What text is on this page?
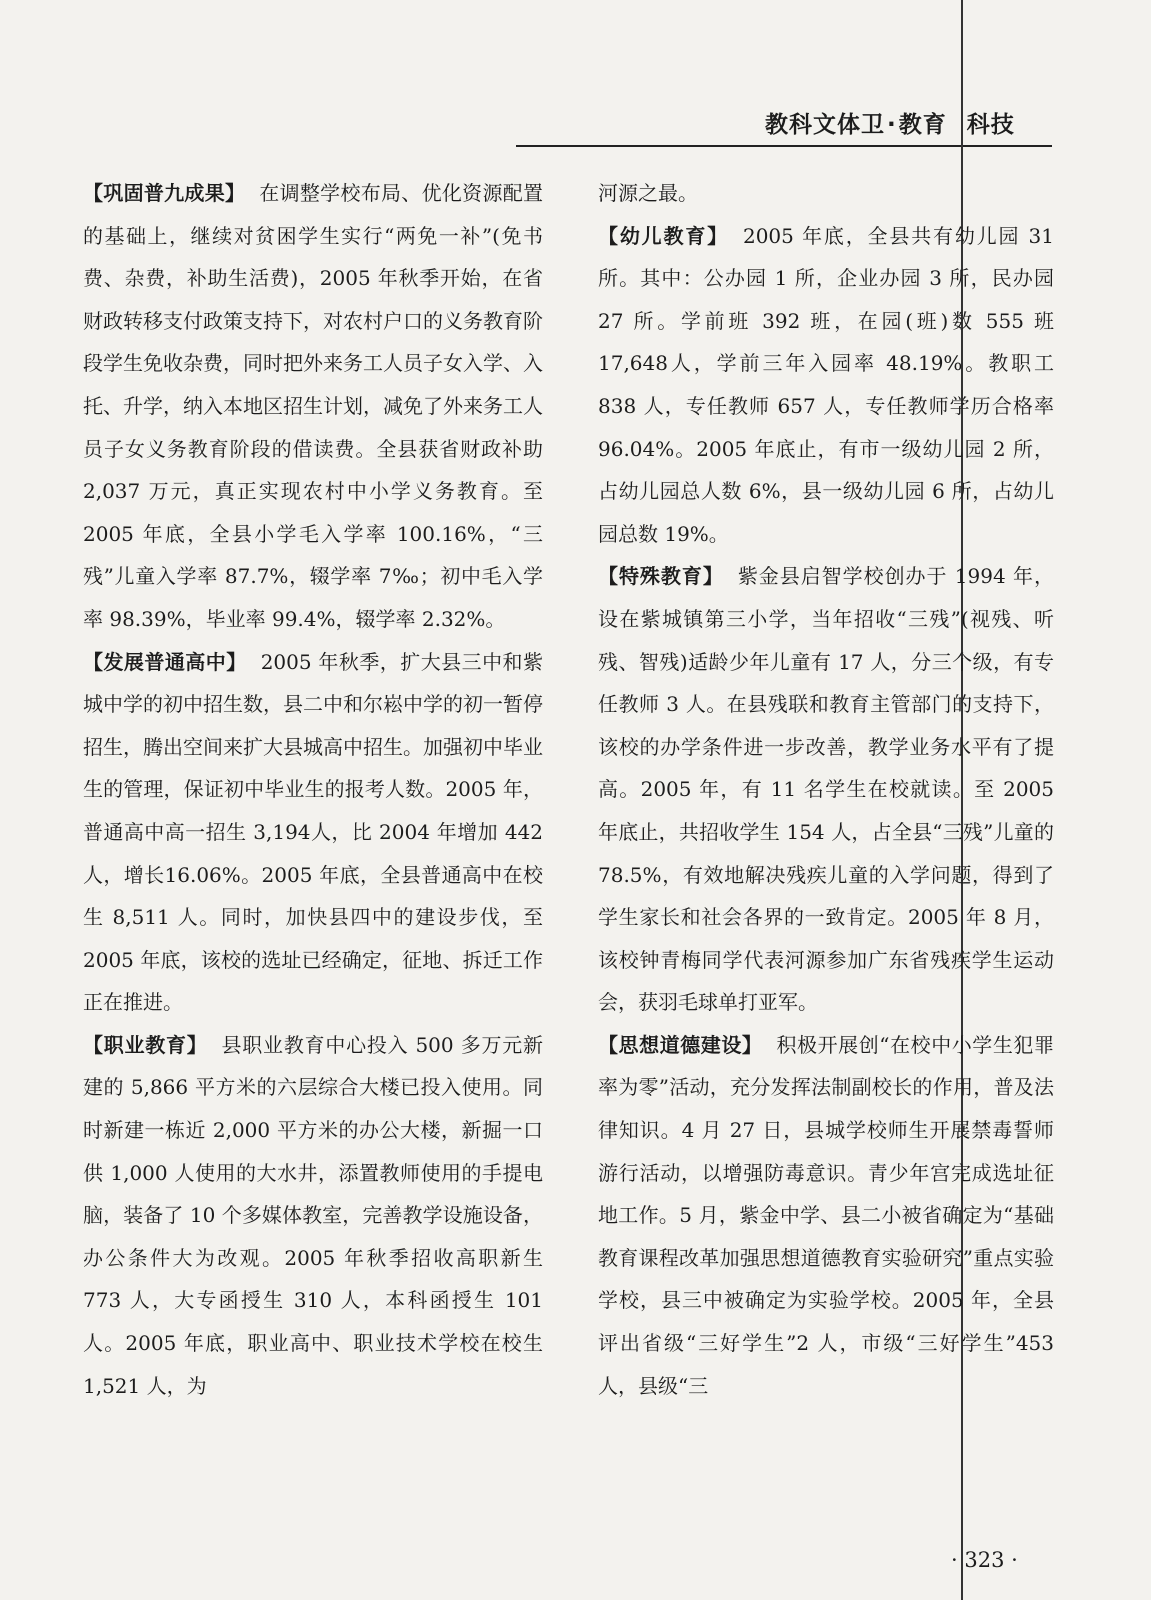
教科文体卫·教育 科技

【巩固普九成果】 在调整学校布局、优化资源配置的基础上，继续对贫困学生实行“两免一补”(免书费、杂费，补助生活费)，2005 年秋季开始，在省财政转移支付政策支持下，对农村户口的义务教育阶段学生免收杂费，同时把外来务工人员子女入学、入托、升学，纳入本地区招生计划，减免了外来务工人员子女义务教育阶段的借读费。全县获省财政补助 2,037 万元，真正实现农村中小学义务教育。至 2005 年底，全县小学毛入学率 100.16%，“三残”儿童入学率 87.7%，辍学率 7‰；初中毛入学率 98.39%，毕业率 99.4%，辍学率 2.32%。

【发展普通高中】 2005 年秋季，扩大县三中和紫城中学的初中招生数，县二中和尔崧中学的初一暂停招生，腾出空间来扩大县城高中招生。加强初中毕业生的管理，保证初中毕业生的报考人数。2005 年，普通高中高一招生 3,194人，比 2004 年增加 442 人，增长16.06%。2005 年底，全县普通高中在校生 8,511 人。同时，加快县四中的建设步伐，至 2005 年底，该校的选址已经确定，征地、拆迁工作正在推进。

【职业教育】 县职业教育中心投入 500 多万元新建的 5,866 平方米的六层综合大楼已投入使用。同时新建一栋近 2,000 平方米的办公大楼，新掘一口供 1,000 人使用的大水井，添置教师使用的手提电脑，装备了 10 个多媒体教室，完善教学设施设备，办公条件大为改观。2005 年秋季招收高职新生 773 人，大专函授生 310 人，本科函授生 101 人。2005 年底，职业高中、职业技术学校在校生 1,521 人，为

河源之最。

【幼儿教育】 2005 年底，全县共有幼儿园 31 所。其中：公办园 1 所，企业办园 3 所，民办园 27 所。学前班 392 班，在园(班)数 555 班 17,648人，学前三年入园率 48.19%。教职工 838 人，专任教师 657 人，专任教师学历合格率 96.04%。2005 年底止，有市一级幼儿园 2 所，占幼儿园总人数 6%，县一级幼儿园 6 所，占幼儿园总数 19%。

【特殊教育】 紫金县启智学校创办于 1994 年，设在紫城镇第三小学，当年招收“三残”(视残、听残、智残)适龄少年儿童有 17 人，分三个级，有专任教师 3 人。在县残联和教育主管部门的支持下，该校的办学条件进一步改善，教学业务水平有了提高。2005 年，有 11 名学生在校就读。至 2005 年底止，共招收学生 154 人，占全县“三残”儿童的 78.5%，有效地解决残疾儿童的入学问题，得到了学生家长和社会各界的一致肯定。2005 年 8 月，该校钟青梅同学代表河源参加广东省残疾学生运动会，获羽毛球单打亚军。

【思想道德建设】 积极开展创“在校中小学生犯罪率为零”活动，充分发挥法制副校长的作用，普及法律知识。4 月 27 日，县城学校师生开展禁毒誓师游行活动，以增强防毒意识。青少年宫完成选址征地工作。5 月，紫金中学、县二小被省确定为“基础教育课程改革加强思想道德教育实验研究”重点实验学校，县三中被确定为实验学校。2005 年，全县评出省级“三好学生”2 人，市级“三好学生”453 人，县级“三

· 323 ·
